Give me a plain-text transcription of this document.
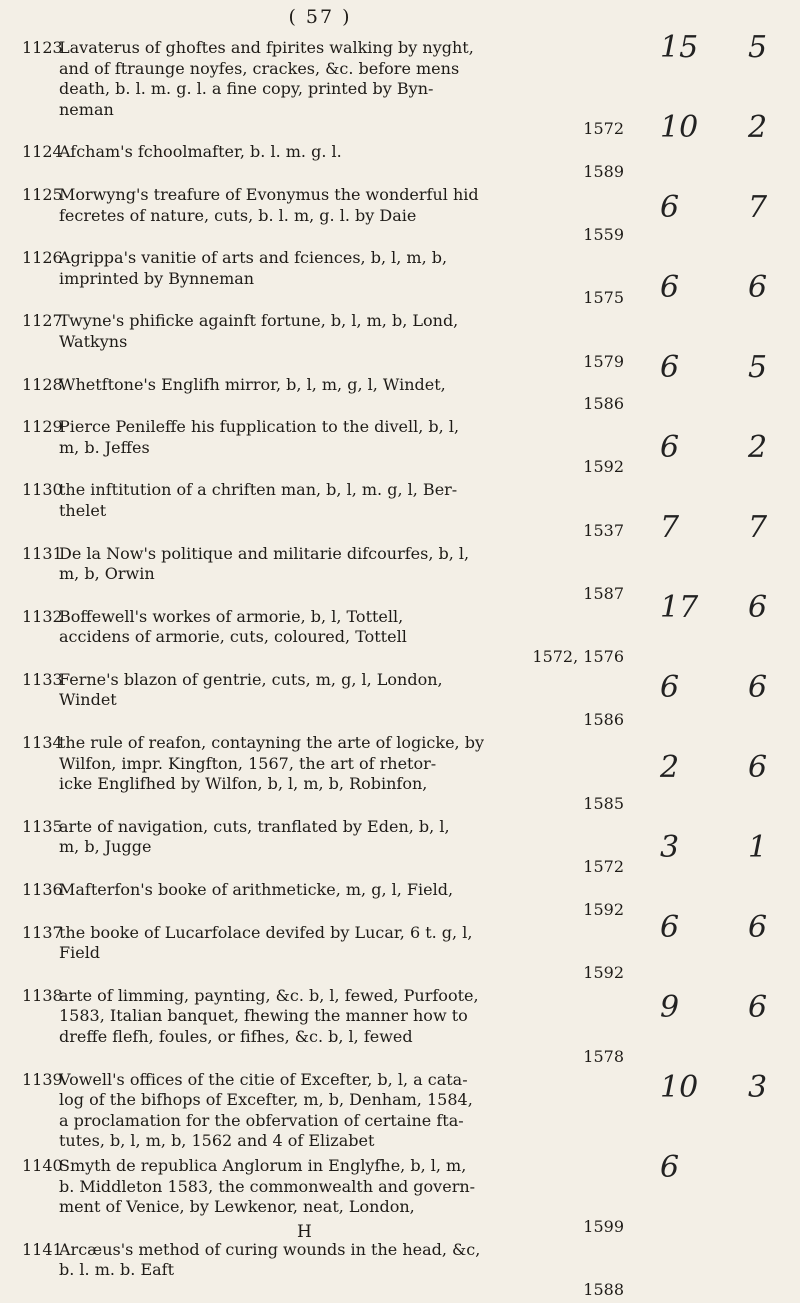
( 57 )
1123Lavaterus of ghoftes and fpirites walking by nyght,
and of ftraunge noyfes, crackes, &c. before mens
death, b. l. m. g. l. a fine copy, printed by Byn-
neman
1572
1124Afcham's fchoolmafter, b. l. m. g. l.
1589
1125Morwyng's treafure of Evonymus the wonderful hid
fecretes of nature, cuts, b. l. m, g. l. by Daie
1559
1126Agrippa's vanitie of arts and fciences, b, l, m, b,
imprinted by Bynneman
1575
1127Twyne's phificke againft fortune, b, l, m, b, Lond,
Watkyns
1579
1128Whetftone's Englifh mirror, b, l, m, g, l, Windet,
1586
1129Pierce Penileffe his fupplication to the divell, b, l,
m, b. Jeffes
1592
1130the inftitution of a chriften man, b, l, m. g, l, Ber-
thelet
1537
1131De la Now's politique and militarie difcourfes, b, l,
m, b, Orwin
1587
1132Boffewell's workes of armorie, b, l, Tottell,
accidens of armorie, cuts, coloured, Tottell
1572, 1576
1133Ferne's blazon of gentrie, cuts, m, g, l, London,
Windet
1586
1134the rule of reafon, contayning the arte of logicke, by
Wilfon, impr. Kingfton, 1567, the art of rhetor-
icke Englifhed by Wilfon, b, l, m, b, Robinfon,
1585
1135arte of navigation, cuts, tranflated by Eden, b, l,
m, b, Jugge
1572
1136Mafterfon's booke of arithmeticke, m, g, l, Field,
1592
1137the booke of Lucarfolace devifed by Lucar, 6 t. g, l,
Field
1592
1138arte of limming, paynting, &c. b, l, fewed, Purfoote,
1583, Italian banquet, fhewing the manner how to
dreffe flefh, foules, or fifhes, &c. b, l, fewed
1578
1139Vowell's offices of the citie of Excefter, b, l, a cata-
log of the bifhops of Excefter, m, b, Denham, 1584,
a proclamation for the obfervation of certaine fta-
tutes, b, l, m, b, 1562 and 4 of Elizabet
1140Smyth de republica Anglorum in Englyfhe, b, l, m,
b. Middleton 1583, the commonwealth and govern-
ment of Venice, by Lewkenor, neat, London,
1599
1141Arcæus's method of curing wounds in the head, &c,
b. l. m. b. Eaft
1588
15 5
10 2
6 7
6 6
6 5
6 2
7 7
17 6
6 6
2 6
3 1
6 6
9 6
10 3
6
H
